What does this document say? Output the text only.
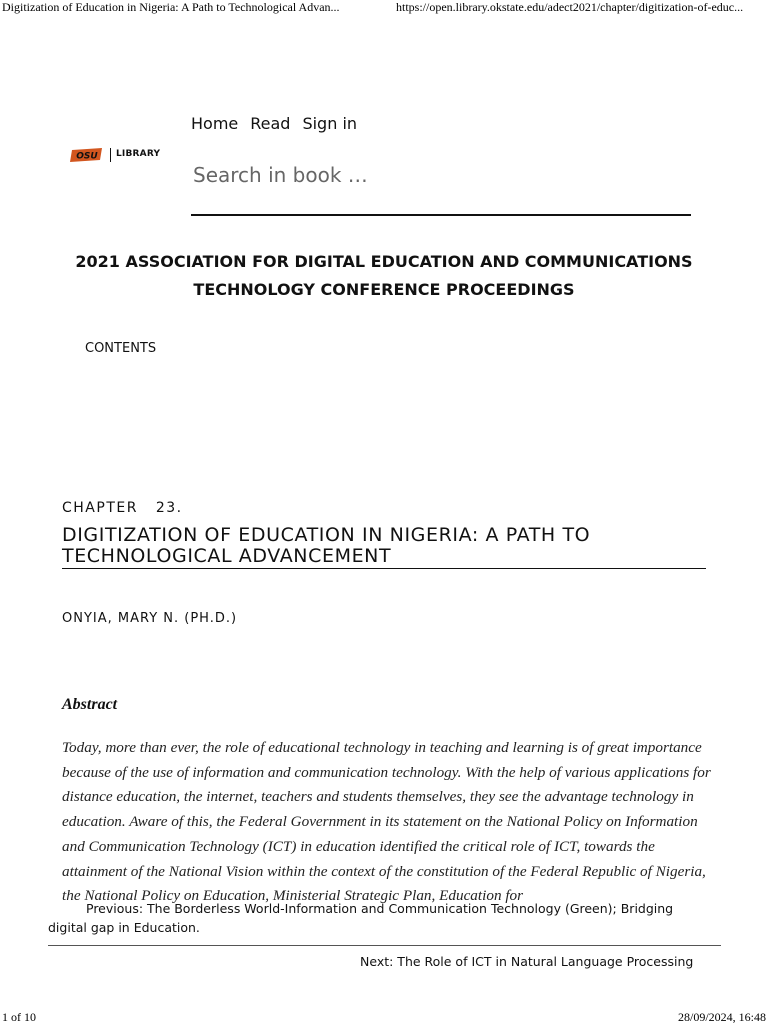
Digitization of Education in Nigeria: A Path to Technological Advan...	https://open.library.okstate.edu/adect2021/chapter/digitization-of-educ...
Home Read Sign in
OSU LIBRARY
Search in book …
2021 ASSOCIATION FOR DIGITAL EDUCATION AND COMMUNICATIONS TECHNOLOGY CONFERENCE PROCEEDINGS
CONTENTS
CHAPTER 23.
DIGITIZATION OF EDUCATION IN NIGERIA: A PATH TO TECHNOLOGICAL ADVANCEMENT
ONYIA, MARY N. (PH.D.)
Abstract
Today, more than ever, the role of educational technology in teaching and learning is of great importance because of the use of information and communication technology. With the help of various applications for distance education, the internet, teachers and students themselves, they see the advantage technology in education. Aware of this, the Federal Government in its statement on the National Policy on Information and Communication Technology (ICT) in education identified the critical role of ICT, towards the attainment of the National Vision within the context of the constitution of the Federal Republic of Nigeria, the National Policy on Education, Ministerial Strategic Plan, Education for
Previous: The Borderless World-Information and Communication Technology (Green); Bridging digital gap in Education.
Next: The Role of ICT in Natural Language Processing
1 of 10	28/09/2024, 16:48
